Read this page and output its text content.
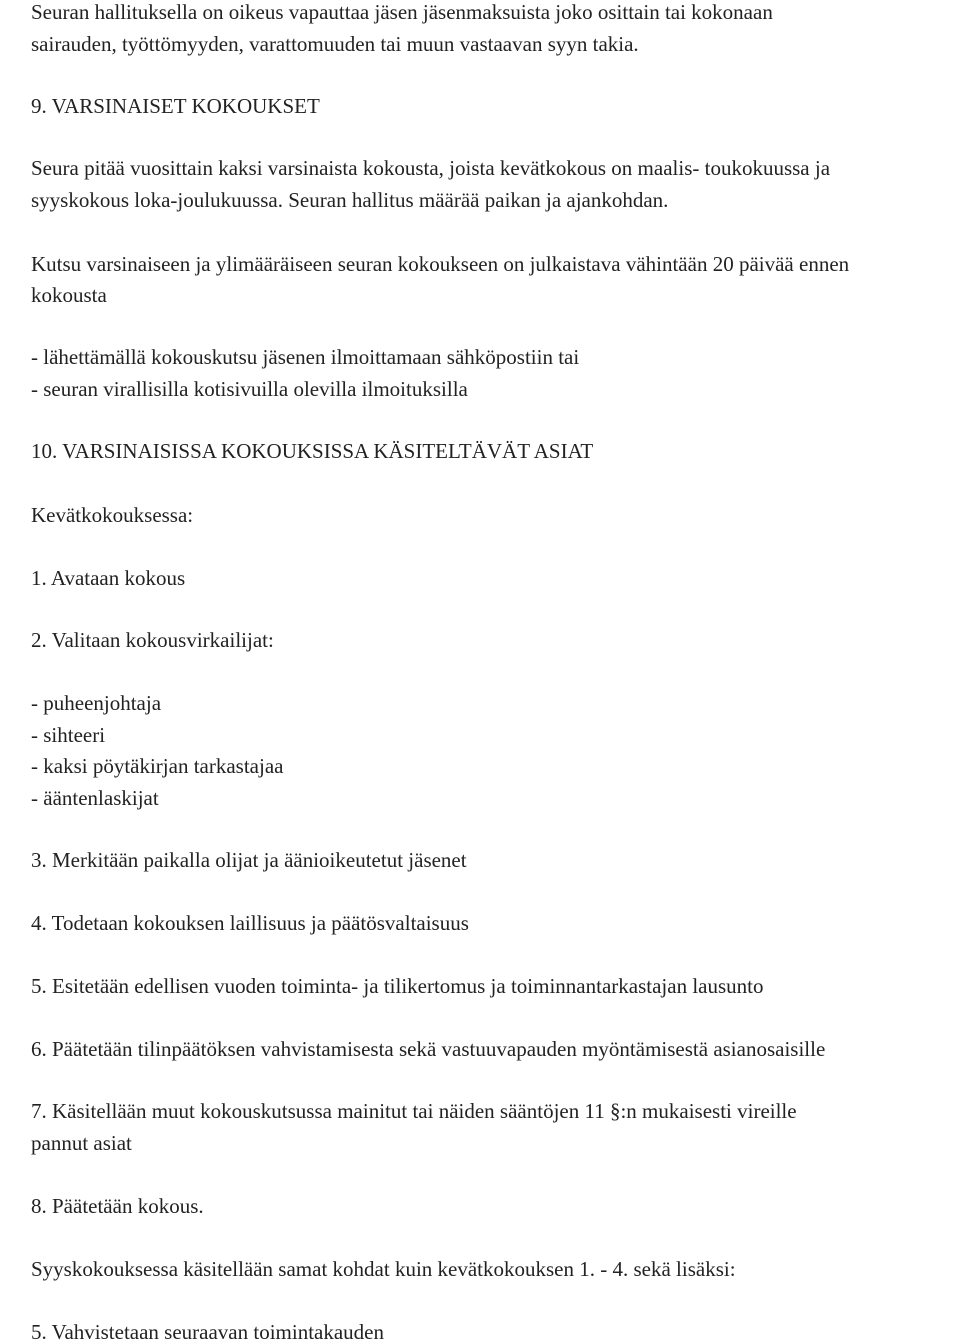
Seuran hallituksella on oikeus vapauttaa jäsen jäsenmaksuista joko osittain tai kokonaan
sairauden, työttömyyden, varattomuuden tai muun vastaavan syyn takia.
9. VARSINAISET KOKOUKSET
Seura pitää vuosittain kaksi varsinaista kokousta, joista kevätkokous on maalis- toukokuussa ja
syyskokous loka-joulukuussa. Seuran hallitus määrää paikan ja ajankohdan.
Kutsu varsinaiseen ja ylimääräiseen seuran kokoukseen on julkaistava vähintään 20 päivää ennen
kokousta
- lähettämällä kokouskutsu jäsenen ilmoittamaan sähköpostiin tai
- seuran virallisilla kotisivuilla olevilla ilmoituksilla
10. VARSINAISISSA KOKOUKSISSA KÄSITELTÄVÄT ASIAT
Kevätkokouksessa:
1. Avataan kokous
2. Valitaan kokousvirkailijat:
- puheenjohtaja
- sihteeri
- kaksi pöytäkirjan tarkastajaa
- ääntenlaskijat
3. Merkitään paikalla olijat ja äänioikeutetut jäsenet
4. Todetaan kokouksen laillisuus ja päätösvaltaisuus
5. Esitetään edellisen vuoden toiminta- ja tilikertomus ja toiminnantarkastajan lausunto
6. Päätetään tilinpäätöksen vahvistamisesta sekä vastuuvapauden myöntämisestä asianosaisille
7. Käsitellään muut kokouskutsussa mainitut tai näiden sääntöjen 11 §:n mukaisesti vireille
pannut asiat
8. Päätetään kokous.
Syyskokouksessa käsitellään samat kohdat kuin kevätkokouksen 1. - 4. sekä lisäksi:
5. Vahvistetaan seuraavan toimintakauden
